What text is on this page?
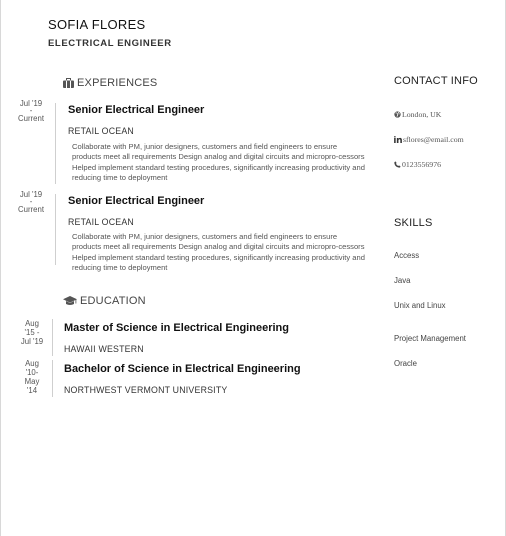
SOFIA FLORES
ELECTRICAL ENGINEER
EXPERIENCES
Jul '19
-
Current
Senior Electrical Engineer
RETAIL OCEAN
Collaborate with PM, junior designers, customers and field engineers to ensure products meet all requirements Design analog and digital circuits and micropro-cessors Helped implement standard testing procedures, significantly increasing productivity and reducing time to deployment
Jul '19
-
Current
Senior Electrical Engineer
RETAIL OCEAN
Collaborate with PM, junior designers, customers and field engineers to ensure products meet all requirements Design analog and digital circuits and micropro-cessors Helped implement standard testing procedures, significantly increasing productivity and reducing time to deployment
EDUCATION
Aug
'15 -
Jul '19
Master of Science in Electrical Engineering
HAWAII WESTERN
Aug
'10-
May
'14
Bachelor of Science in Electrical Engineering
NORTHWEST VERMONT UNIVERSITY
CONTACT INFO
London, UK
sflores@email.com
0123556976
SKILLS
Access
Java
Unix and Linux
Project Management
Oracle
